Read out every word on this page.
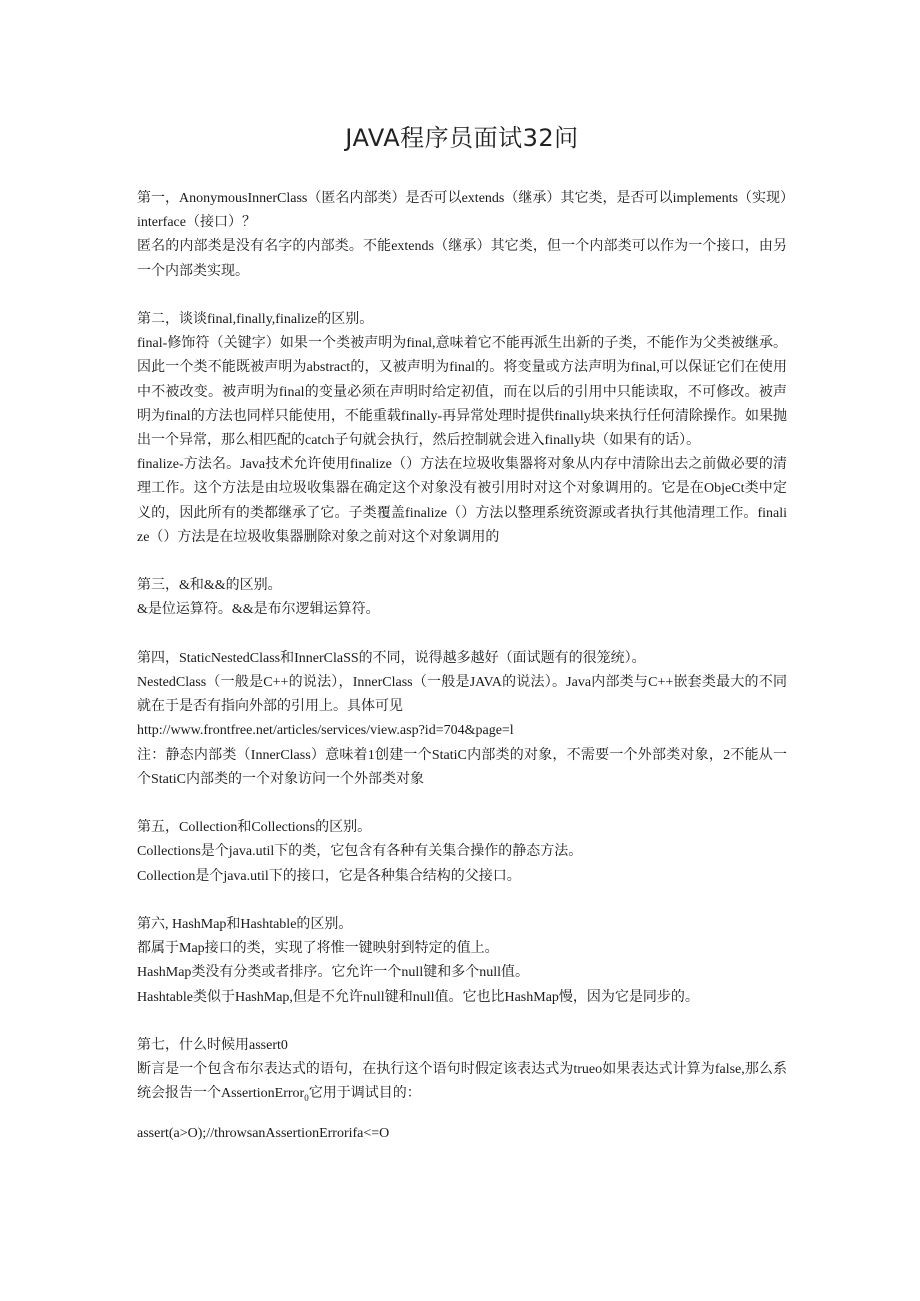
JAVA程序员面试32问

第一，AnonymousInnerClass（匿名内部类）是否可以extends（继承）其它类，是否可以implements（实现）interface（接口）？

匿名的内部类是没有名字的内部类。不能extends（继承）其它类，但一个内部类可以作为一个接口，由另一个内部类实现。

第二，谈谈final,finally,finalize的区别。

final-修饰符（关键字）如果一个类被声明为final,意味着它不能再派生出新的子类，不能作为父类被继承。因此一个类不能既被声明为abstract的，又被声明为final的。将变量或方法声明为final,可以保证它们在使用中不被改变。被声明为final的变量必须在声明时给定初值，而在以后的引用中只能读取，不可修改。被声明为final的方法也同样只能使用，不能重载finally-再异常处理时提供finally块来执行任何清除操作。如果抛出一个异常，那么相匹配的catch子句就会执行，然后控制就会进入finally块（如果有的话）。

finalize-方法名。Java技术允许使用finalize（）方法在垃圾收集器将对象从内存中清除出去之前做必要的清理工作。这个方法是由垃圾收集器在确定这个对象没有被引用时对这个对象调用的。它是在ObjeCt类中定义的，因此所有的类都继承了它。子类覆盖finalize（）方法以整理系统资源或者执行其他清理工作。finalize（）方法是在垃圾收集器删除对象之前对这个对象调用的

第三，&和&&的区别。

&是位运算符。&&是布尔逻辑运算符。

第四，StaticNestedClass和InnerClaSS的不同，说得越多越好（面试题有的很笼统）。

NestedClass（一般是C++的说法），InnerClass（一般是JAVA的说法）。Java内部类与C++嵌套类最大的不同就在于是否有指向外部的引用上。具体可见

http://www.frontfree.net/articles/services/view.asp?id=704&page=l

注：静态内部类（InnerClass）意味着1创建一个StatiC内部类的对象，不需要一个外部类对象，2不能从一个StatiC内部类的一个对象访问一个外部类对象

第五，Collection和Collections的区别。

Collections是个java.util下的类，它包含有各种有关集合操作的静态方法。

Collection是个java.util下的接口，它是各种集合结构的父接口。

第六, HashMap和Hashtable的区别。

都属于Map接口的类，实现了将惟一键映射到特定的值上。

HashMap类没有分类或者排序。它允许一个null键和多个null值。

Hashtable类似于HashMap,但是不允许null键和null值。它也比HashMap慢，因为它是同步的。

第七，什么时候用assert0

断言是一个包含布尔表达式的语句，在执行这个语句时假定该表达式为trueo如果表达式计算为false,那么系统会报告一个AssertionError$_0$它用于调试目的：

assert(a>O);//throwsanAssertionErrorifa<=O
